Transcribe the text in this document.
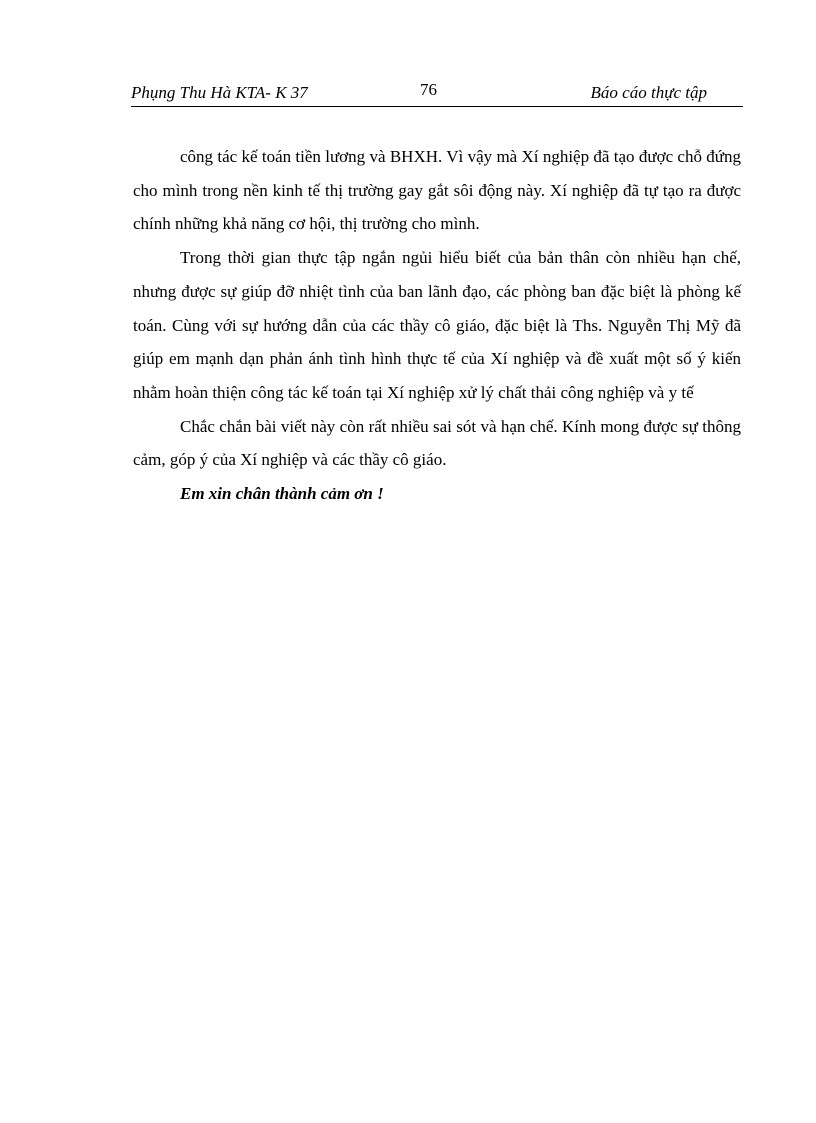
Phụng Thu Hà KTA- K 37	76	Báo cáo thực tập

công tác kế toán tiền lương và BHXH. Vì vậy mà Xí nghiệp đã tạo được chỗ đứng cho mình trong nền kinh tế thị trường gay gắt sôi động này. Xí nghiệp đã tự tạo ra được chính những khả năng cơ hội, thị trường cho mình.

Trong thời gian thực tập ngắn ngủi hiểu biết của bản thân còn nhiều hạn chế, nhưng được sự giúp đỡ nhiệt tình của ban lãnh đạo, các phòng ban đặc biệt là phòng kế toán. Cùng với sự hướng dẫn của các thầy cô giáo, đặc biệt là Ths. Nguyễn Thị Mỹ đã giúp em mạnh dạn phản ánh tình hình thực tế của Xí nghiệp và đề xuất một số ý kiến nhằm hoàn thiện công tác kế toán tại Xí nghiệp xử lý chất thải công nghiệp và y tế

Chắc chắn bài viết này còn rất nhiều sai sót và hạn chế. Kính mong được sự thông cảm, góp ý của Xí nghiệp và các thầy cô giáo.

Em xin chân thành cảm ơn !
